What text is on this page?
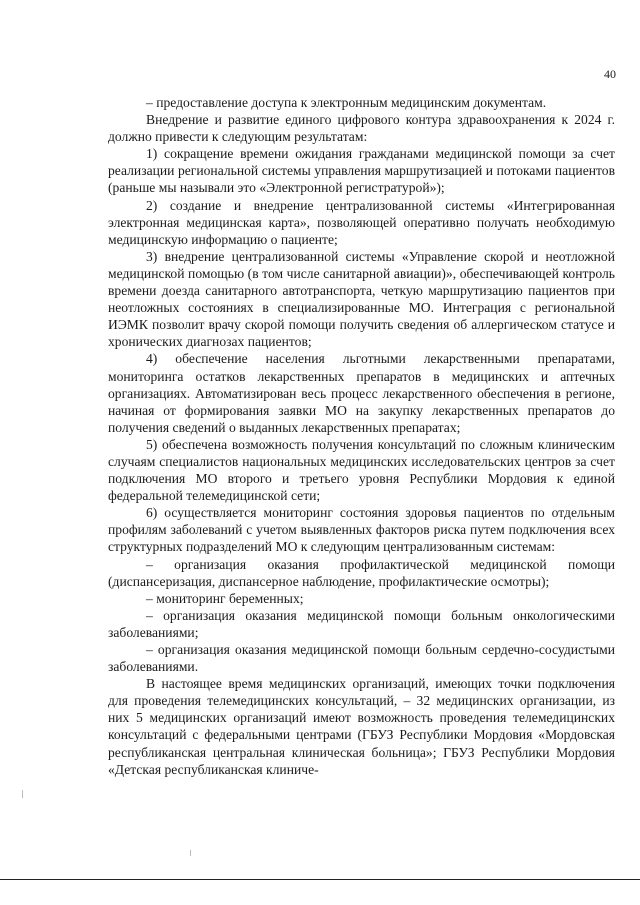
40

– предоставление доступа к электронным медицинским документам.

Внедрение и развитие единого цифрового контура здравоохранения к 2024 г. должно привести к следующим результатам:

1) сокращение времени ожидания гражданами медицинской помощи за счет реализации региональной системы управления маршрутизацией и потоками пациентов (раньше мы называли это «Электронной регистратурой»);

2) создание и внедрение централизованной системы «Интегрированная электронная медицинская карта», позволяющей оперативно получать необходимую медицинскую информацию о пациенте;

3) внедрение централизованной системы «Управление скорой и неотложной медицинской помощью (в том числе санитарной авиации)», обеспечивающей контроль времени доезда санитарного автотранспорта, четкую маршрутизацию пациентов при неотложных состояниях в специализированные МО. Интеграция с региональной ИЭМК позволит врачу скорой помощи получить сведения об аллергическом статусе и хронических диагнозах пациентов;

4) обеспечение населения льготными лекарственными препаратами, мониторинга остатков лекарственных препаратов в медицинских и аптечных организациях. Автоматизирован весь процесс лекарственного обеспечения в регионе, начиная от формирования заявки МО на закупку лекарственных препаратов до получения сведений о выданных лекарственных препаратах;

5) обеспечена возможность получения консультаций по сложным клиническим случаям специалистов национальных медицинских исследовательских центров за счет подключения МО второго и третьего уровня Республики Мордовия к единой федеральной телемедицинской сети;

6) осуществляется мониторинг состояния здоровья пациентов по отдельным профилям заболеваний с учетом выявленных факторов риска путем подключения всех структурных подразделений МО к следующим централизованным системам:

– организация оказания профилактической медицинской помощи (диспансеризация, диспансерное наблюдение, профилактические осмотры);

– мониторинг беременных;

– организация оказания медицинской помощи больным онкологическими заболеваниями;

– организация оказания медицинской помощи больным сердечно-сосудистыми заболеваниями.

В настоящее время медицинских организаций, имеющих точки подключения для проведения телемедицинских консультаций, – 32 медицинских организации, из них 5 медицинских организаций имеют возможность проведения телемедицинских консультаций с федеральными центрами (ГБУЗ Республики Мордовия «Мордовская республиканская центральная клиническая больница»; ГБУЗ Республики Мордовия «Детская республиканская клиниче-
